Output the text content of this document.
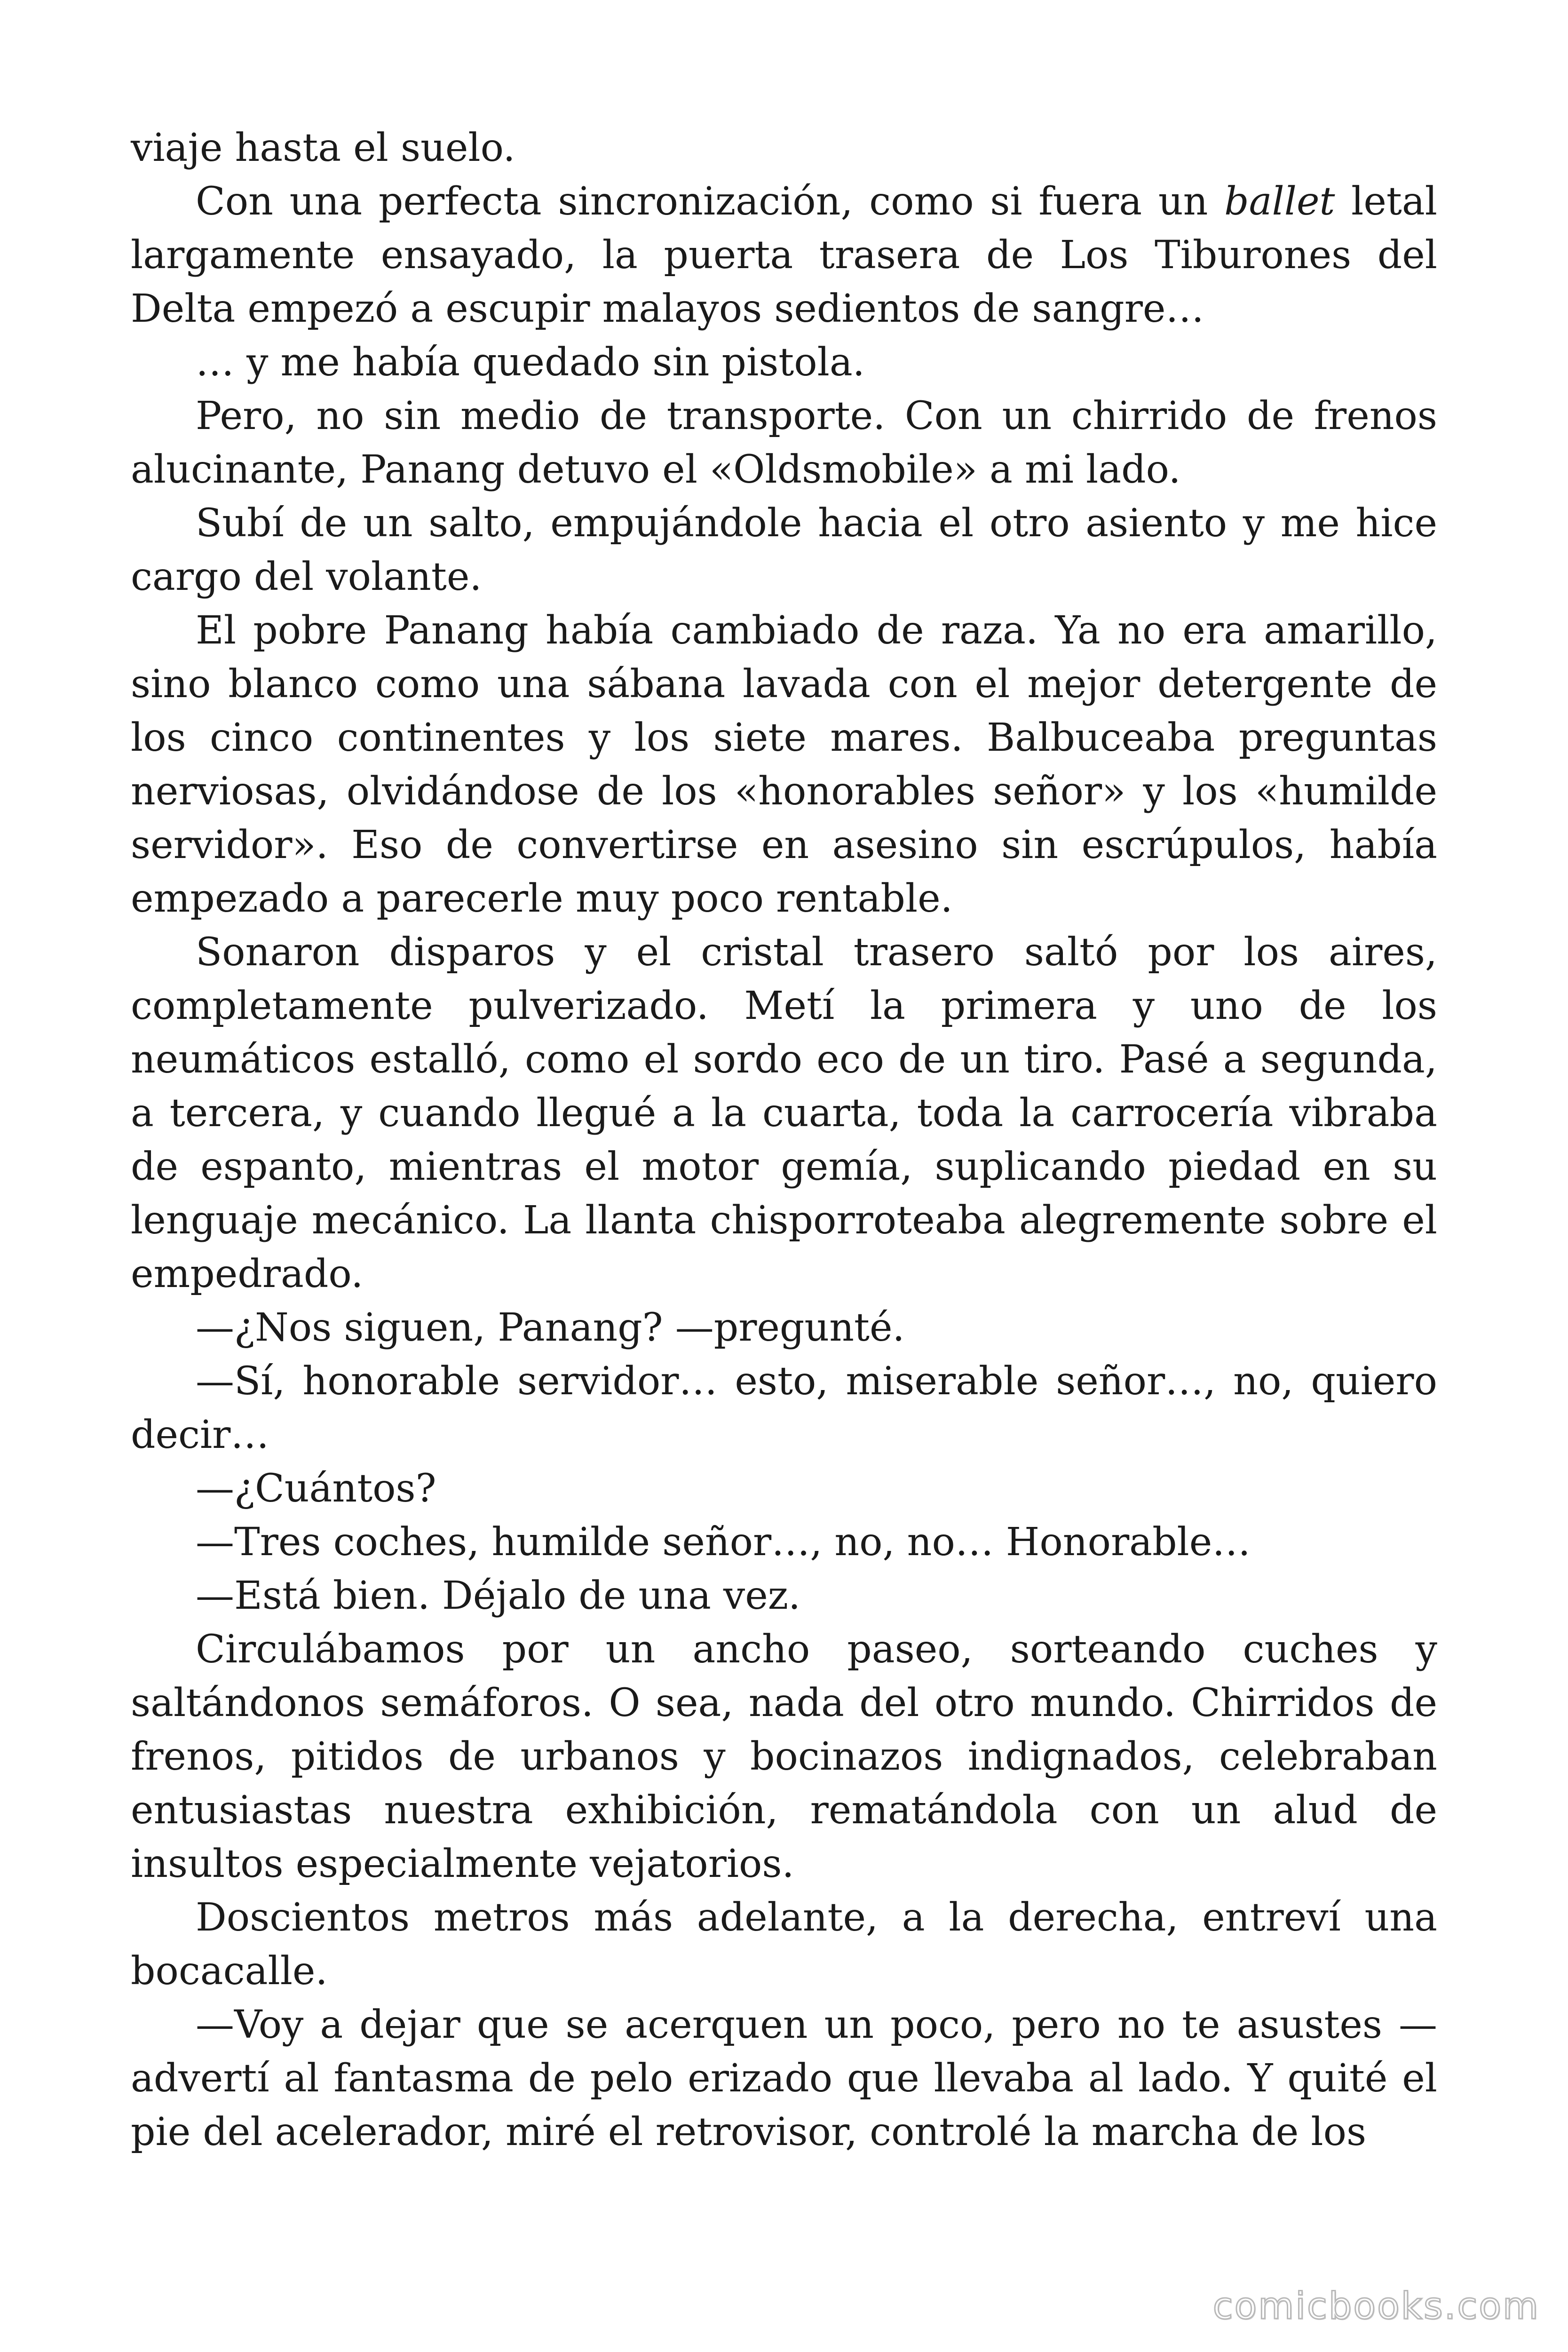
viaje hasta el suelo.

Con una perfecta sincronización, como si fuera un ballet letal largamente ensayado, la puerta trasera de Los Tiburones del Delta empezó a escupir malayos sedientos de sangre…

… y me había quedado sin pistola.

Pero, no sin medio de transporte. Con un chirrido de frenos alucinante, Panang detuvo el «Oldsmobile» a mi lado.

Subí de un salto, empujándole hacia el otro asiento y me hice cargo del volante.

El pobre Panang había cambiado de raza. Ya no era amarillo, sino blanco como una sábana lavada con el mejor detergente de los cinco continentes y los siete mares. Balbuceaba preguntas nerviosas, olvidándose de los «honorables señor» y los «humilde servidor». Eso de convertirse en asesino sin escrúpulos, había empezado a parecerle muy poco rentable.

Sonaron disparos y el cristal trasero saltó por los aires, completamente pulverizado. Metí la primera y uno de los neumáticos estalló, como el sordo eco de un tiro. Pasé a segunda, a tercera, y cuando llegué a la cuarta, toda la carrocería vibraba de espanto, mientras el motor gemía, suplicando piedad en su lenguaje mecánico. La llanta chisporroteaba alegremente sobre el empedrado.

—¿Nos siguen, Panang? —pregunté.

—Sí, honorable servidor… esto, miserable señor…, no, quiero decir…

—¿Cuántos?

—Tres coches, humilde señor…, no, no… Honorable…

—Está bien. Déjalo de una vez.

Circulábamos por un ancho paseo, sorteando cuches y saltándonos semáforos. O sea, nada del otro mundo. Chirridos de frenos, pitidos de urbanos y bocinazos indignados, celebraban entusiastas nuestra exhibición, rematándola con un alud de insultos especialmente vejatorios.

Doscientos metros más adelante, a la derecha, entreví una bocacalle.

—Voy a dejar que se acerquen un poco, pero no te asustes —advertí al fantasma de pelo erizado que llevaba al lado. Y quité el pie del acelerador, miré el retrovisor, controlé la marcha de los

comicbooks.com
